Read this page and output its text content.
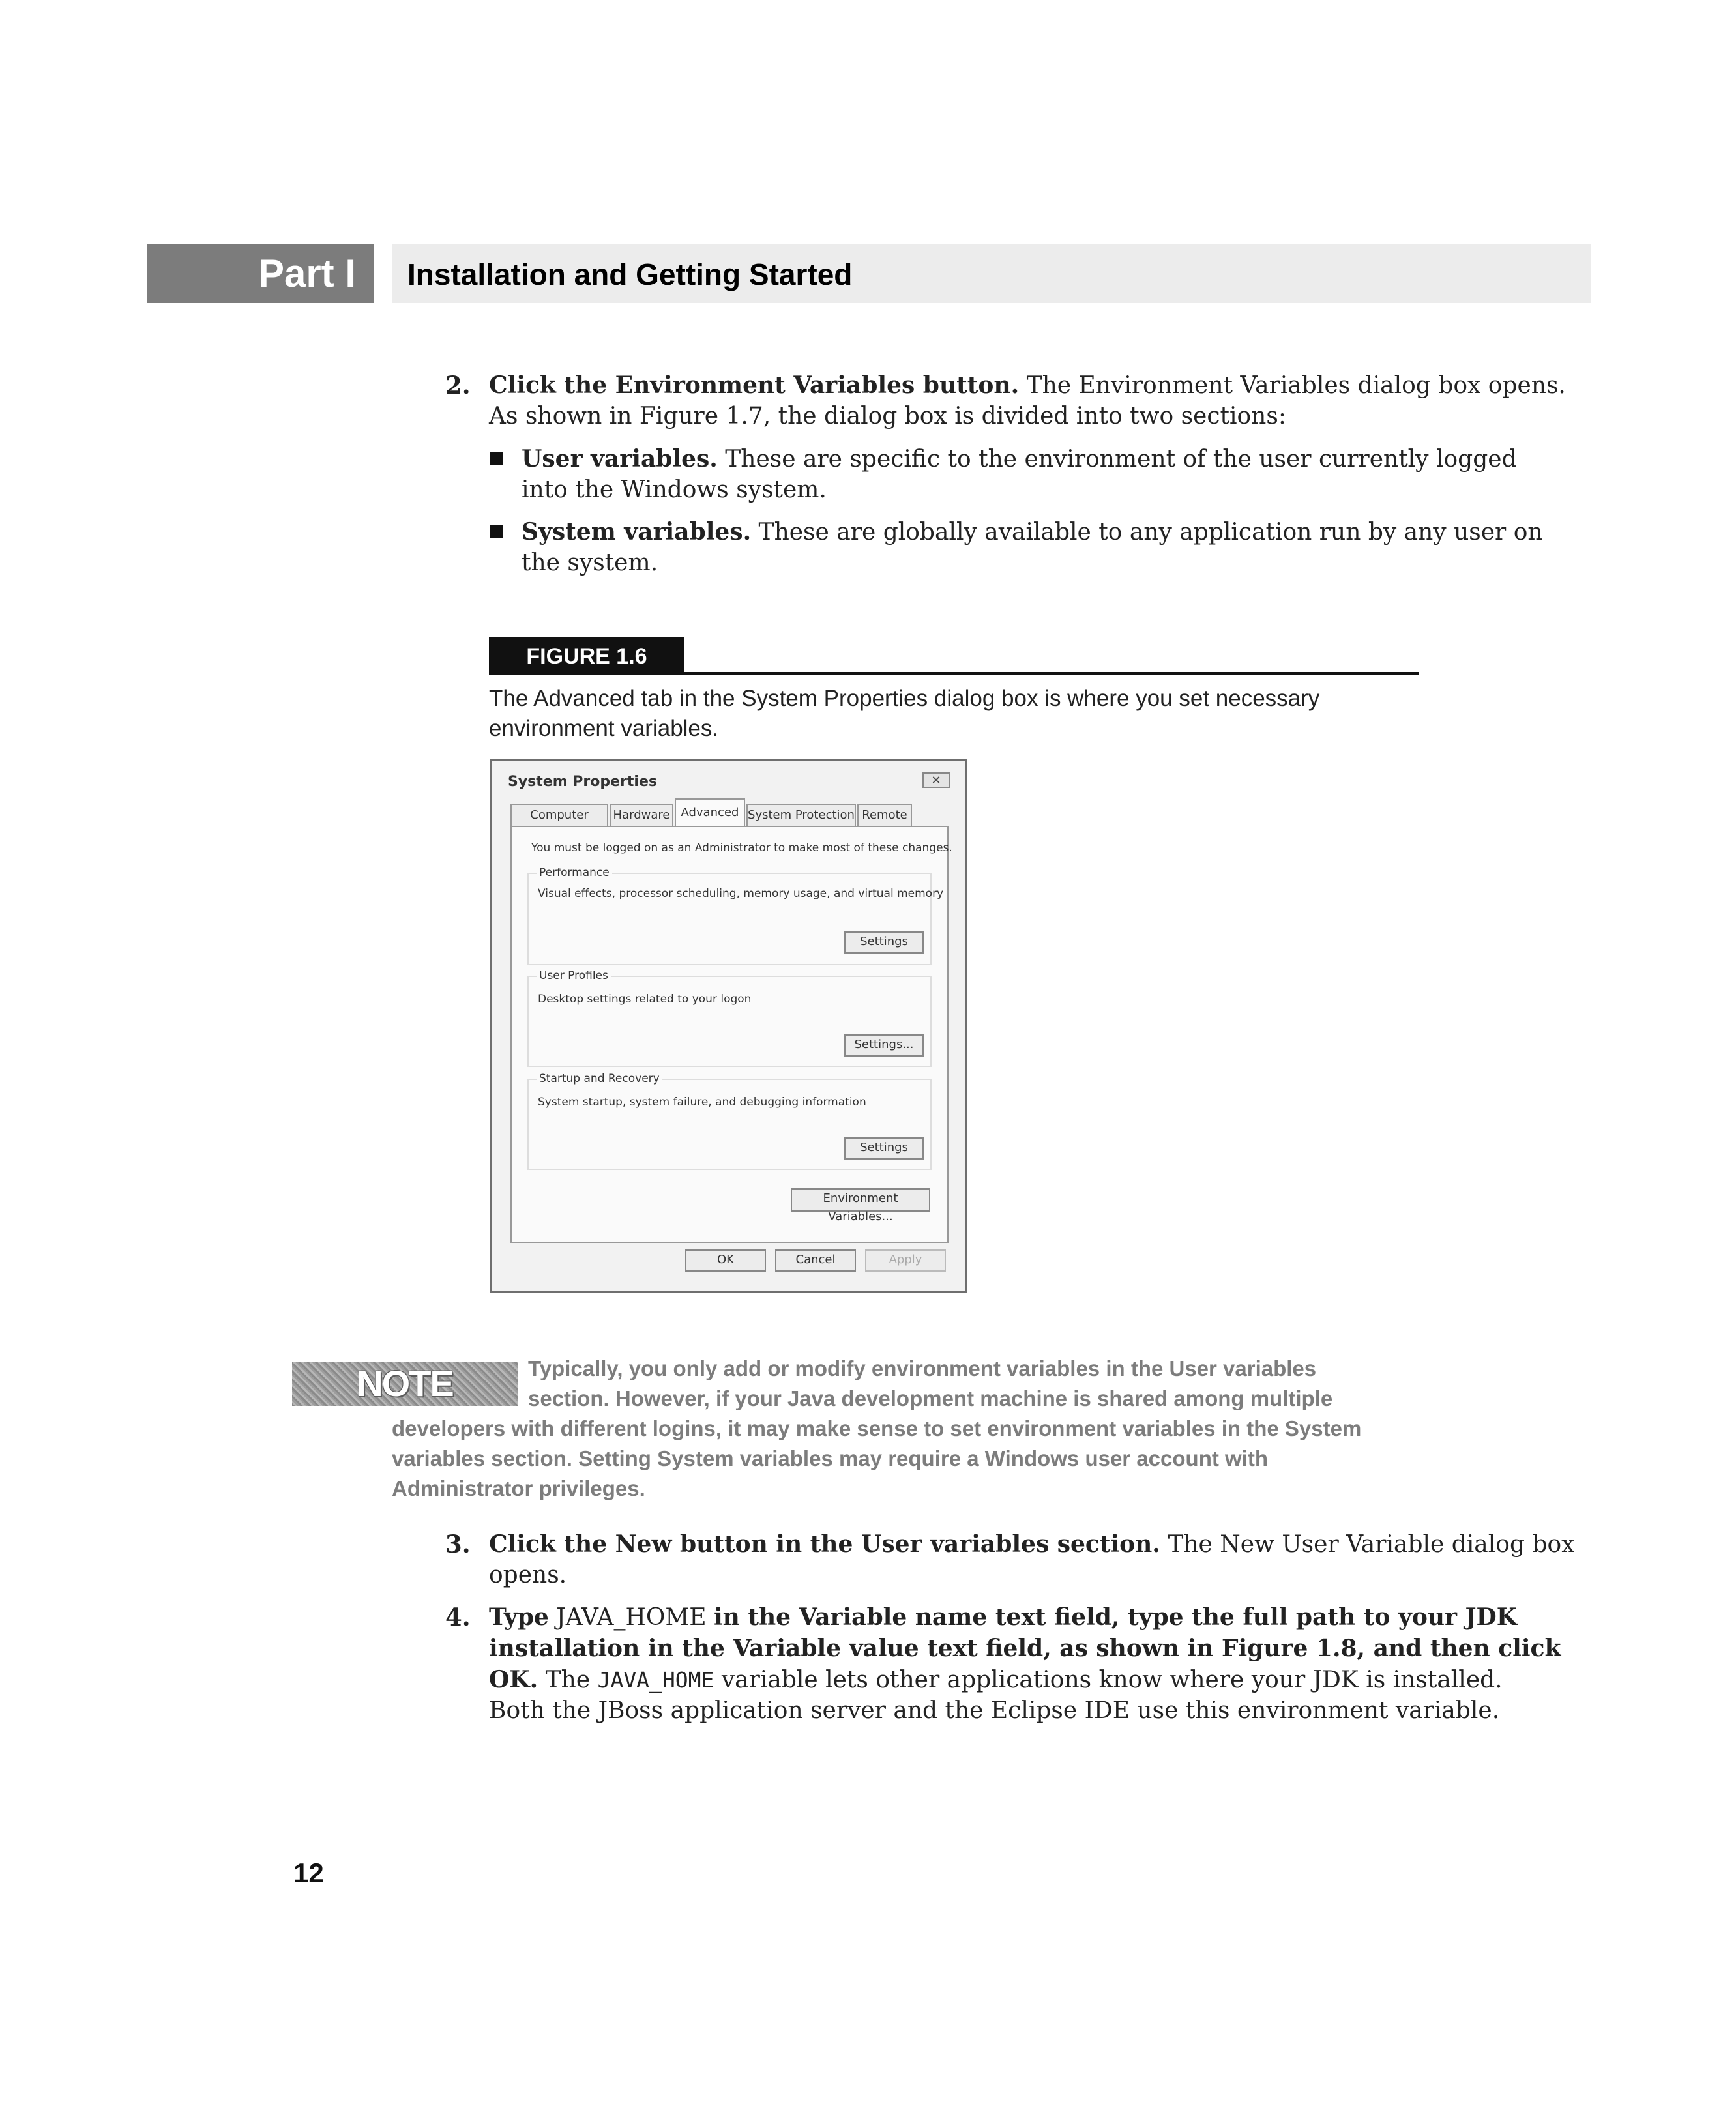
Part I	Installation and Getting Started
2. Click the Environment Variables button. The Environment Variables dialog box opens.
As shown in Figure 1.7, the dialog box is divided into two sections:
User variables. These are specific to the environment of the user currently logged
into the Windows system.
System variables. These are globally available to any application run by any user on
the system.
FIGURE 1.6
The Advanced tab in the System Properties dialog box is where you set necessary
environment variables.
System Properties	✕
Computer	Hardware Advanced System Protection Remote
You must be logged on as an Administrator to make most of these changes.
Performance
Visual effects, processor scheduling, memory usage, and virtual memory
Settings
User Profiles
Desktop settings related to your logon
Settings...
Startup and Recovery
System startup, system failure, and debugging information
Settings
Environment Variables...
OK	Cancel	Apply
NOTE	Typically, you only add or modify environment variables in the User variables
section. However, if your Java development machine is shared among multiple
developers with different logins, it may make sense to set environment variables in the System
variables section. Setting System variables may require a Windows user account with
Administrator privileges.
3. Click the New button in the User variables section. The New User Variable dialog box
opens.
4. Type JAVA_HOME in the Variable name text field, type the full path to your JDK
installation in the Variable value text field, as shown in Figure 1.8, and then click
OK. The JAVA_HOME variable lets other applications know where your JDK is installed.
Both the JBoss application server and the Eclipse IDE use this environment variable.
12
